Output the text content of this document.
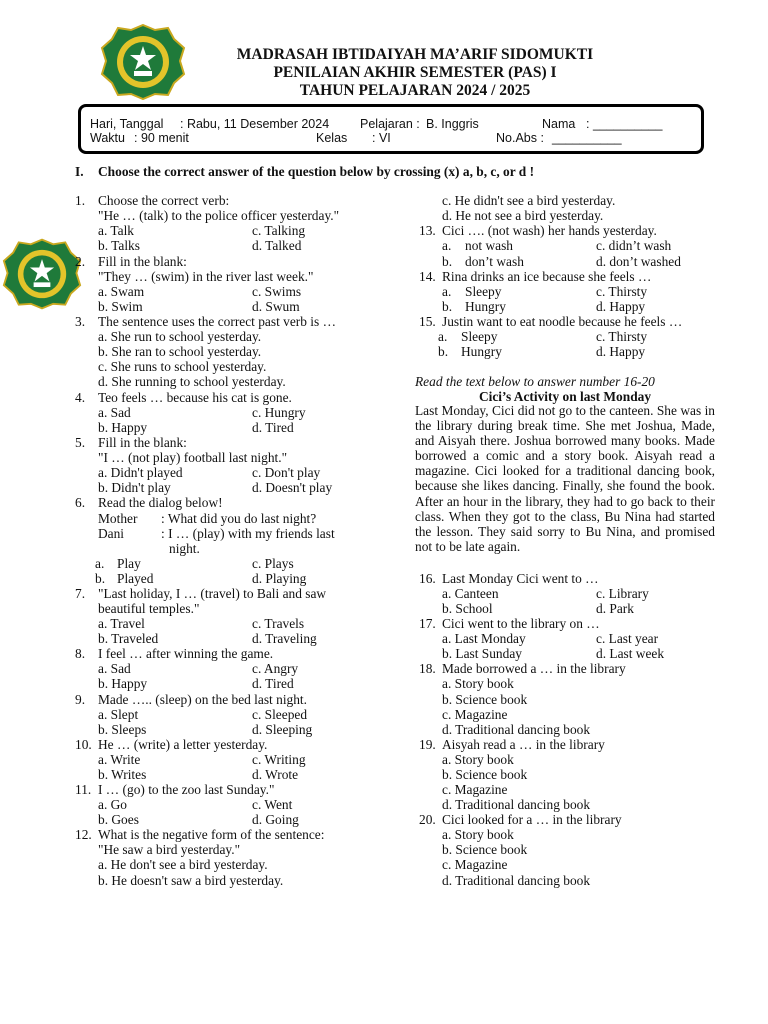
MADRASAH IBTIDAIYAH MA’ARIF SIDOMUKTI
PENILAIAN AKHIR SEMESTER (PAS) I
TAHUN PELAJARAN 2024 / 2025
Hari, Tanggal : Rabu, 11 Desember 2024
Waktu : 90 menit
Pelajaran : B. Inggris
Kelas : VI
Nama : __________
No.Abs : __________
I. Choose the correct answer of the question below by crossing (x) a, b, c, or d !
1. Choose the correct verb:
"He … (talk) to the police officer yesterday."
a. Talk	c. Talking
b. Talks	d. Talked
2. Fill in the blank:
"They … (swim) in the river last week."
a. Swam	c. Swims
b. Swim	d. Swum
3. The sentence uses the correct past verb is …
a. She run to school yesterday.
b. She ran to school yesterday.
c. She runs to school yesterday.
d. She running to school yesterday.
4. Teo feels … because his cat is gone.
a. Sad	c. Hungry
b. Happy	d. Tired
5. Fill in the blank:
"I … (not play) football last night."
a. Didn't played	c. Don't play
b. Didn't play	d. Doesn't play
6. Read the dialog below!
Mother : What did you do last night?
Dani	: I … (play) with my friends last
night.
a. Play	c. Plays
b. Played	d. Playing
7. "Last holiday, I … (travel) to Bali and saw
beautiful temples."
a. Travel	c. Travels
b. Traveled	d. Traveling
8. I feel … after winning the game.
a. Sad	c. Angry
b. Happy	d. Tired
9. Made ….. (sleep) on the bed last night.
a. Slept	c. Sleeped
b. Sleeps	d. Sleeping
10. He … (write) a letter yesterday.
a. Write	c. Writing
b. Writes	d. Wrote
11. I … (go) to the zoo last Sunday."
a. Go	c. Went
b. Goes	d. Going
12. What is the negative form of the sentence:
"He saw a bird yesterday."
a. He don't see a bird yesterday.
b. He doesn't saw a bird yesterday.
c. He didn't see a bird yesterday.
d. He not see a bird yesterday.
13. Cici …. (not wash) her hands yesterday.
a. not wash	c. didn’t wash
b. don’t wash	d. don’t washed
14. Rina drinks an ice because she feels …
a. Sleepy	c. Thirsty
b. Hungry	d. Happy
15. Justin want to eat noodle because he feels …
a. Sleepy	c. Thirsty
b. Hungry	d. Happy
Read the text below to answer number 16-20
Cici’s Activity on last Monday
Last Monday, Cici did not go to the canteen. She was in the library during break time. She met Joshua, Made, and Aisyah there. Joshua borrowed many books. Made borrowed a comic and a story book. Aisyah read a magazine. Cici looked for a traditional dancing book, because she likes dancing. Finally, she found the book. After an hour in the library, they had to go back to their class. When they got to the class, Bu Nina had started the lesson. They said sorry to Bu Nina, and promised not to be late again.
16. Last Monday Cici went to …
a. Canteen	c. Library
b. School	d. Park
17. Cici went to the library on …
a. Last Monday	c. Last year
b. Last Sunday	d. Last week
18. Made borrowed a … in the library
a. Story book
b. Science book
c. Magazine
d. Traditional dancing book
19. Aisyah read a … in the library
a. Story book
b. Science book
c. Magazine
d. Traditional dancing book
20. Cici looked for a … in the library
a. Story book
b. Science book
c. Magazine
d. Traditional dancing book
